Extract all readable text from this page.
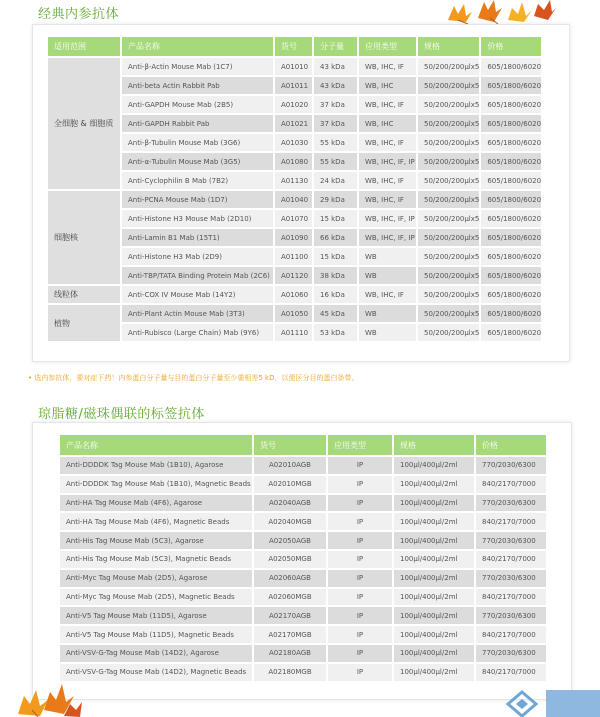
经典内参抗体
适用范围	产品名称	货号	分子量	应用类型	规格	价格
全细胞 & 细胞质	Anti-β-Actin Mouse Mab (1C7)	A01010	43 kDa	WB, IHC, IF	50/200/200µlx5	605/1800/6020
	Anti-beta Actin Rabbit Pab	A01011	43 kDa	WB, IHC	50/200/200µlx5	605/1800/6020
	Anti-GAPDH Mouse Mab (2B5)	A01020	37 kDa	WB, IHC, IF	50/200/200µlx5	605/1800/6020
	Anti-GAPDH Rabbit Pab	A01021	37 kDa	WB, IHC	50/200/200µlx5	605/1800/6020
	Anti-β-Tubulin Mouse Mab (3G6)	A01030	55 kDa	WB, IHC, IF	50/200/200µlx5	605/1800/6020
	Anti-α-Tubulin Mouse Mab (3G5)	A01080	55 kDa	WB, IHC, IF, IP	50/200/200µlx5	605/1800/6020
	Anti-Cyclophilin B Mab (7B2)	A01130	24 kDa	WB, IHC, IF	50/200/200µlx5	605/1800/6020
细胞核	Anti-PCNA Mouse Mab (1D7)	A01040	29 kDa	WB, IHC, IF	50/200/200µlx5	605/1800/6020
	Anti-Histone H3 Mouse Mab (2D10)	A01070	15 kDa	WB, IHC, IF, IP	50/200/200µlx5	605/1800/6020
	Anti-Lamin B1 Mab (15T1)	A01090	66 kDa	WB, IHC, IF, IP	50/200/200µlx5	605/1800/6020
	Anti-Histone H3 Mab (2D9)	A01100	15 kDa	WB	50/200/200µlx5	605/1800/6020
	Anti-TBP/TATA Binding Protein Mab (2C6)	A01120	38 kDa	WB	50/200/200µlx5	605/1800/6020
线粒体	Anti-COX IV Mouse Mab (14Y2)	A01060	16 kDa	WB, IHC, IF	50/200/200µlx5	605/1800/6020
植物	Anti-Plant Actin Mouse Mab (3T3)	A01050	45 kDa	WB	50/200/200µlx5	605/1800/6020
	Anti-Rubisco (Large Chain) Mab (9Y6)	A01110	53 kDa	WB	50/200/200µlx5	605/1800/6020
• 选内参抗体，要对症下药！内参蛋白分子量与目的蛋白分子量至少要相差5 kD，以便区分目的蛋白条带。
琼脂糖/磁珠偶联的标签抗体
产品名称	货号	应用类型	规格	价格
Anti-DDDDK Tag Mouse Mab (1B10), Agarose	A02010AGB	IP	100µl/400µl/2ml	770/2030/6300
Anti-DDDDK Tag Mouse Mab (1B10), Magnetic Beads	A02010MGB	IP	100µl/400µl/2ml	840/2170/7000
Anti-HA Tag Mouse Mab (4F6), Agarose	A02040AGB	IP	100µl/400µl/2ml	770/2030/6300
Anti-HA Tag Mouse Mab (4F6), Magnetic Beads	A02040MGB	IP	100µl/400µl/2ml	840/2170/7000
Anti-His Tag Mouse Mab (5C3), Agarose	A02050AGB	IP	100µl/400µl/2ml	770/2030/6300
Anti-His Tag Mouse Mab (5C3), Magnetic Beads	A02050MGB	IP	100µl/400µl/2ml	840/2170/7000
Anti-Myc Tag Mouse Mab (2D5), Agarose	A02060AGB	IP	100µl/400µl/2ml	770/2030/6300
Anti-Myc Tag Mouse Mab (2D5), Magnetic Beads	A02060MGB	IP	100µl/400µl/2ml	840/2170/7000
Anti-V5 Tag Mouse Mab (11D5), Agarose	A02170AGB	IP	100µl/400µl/2ml	770/2030/6300
Anti-V5 Tag Mouse Mab (11D5), Magnetic Beads	A02170MGB	IP	100µl/400µl/2ml	840/2170/7000
Anti-VSV-G-Tag Mouse Mab (14D2), Agarose	A02180AGB	IP	100µl/400µl/2ml	770/2030/6300
Anti-VSV-G-Tag Mouse Mab (14D2), Magnetic Beads	A02180MGB	IP	100µl/400µl/2ml	840/2170/7000
